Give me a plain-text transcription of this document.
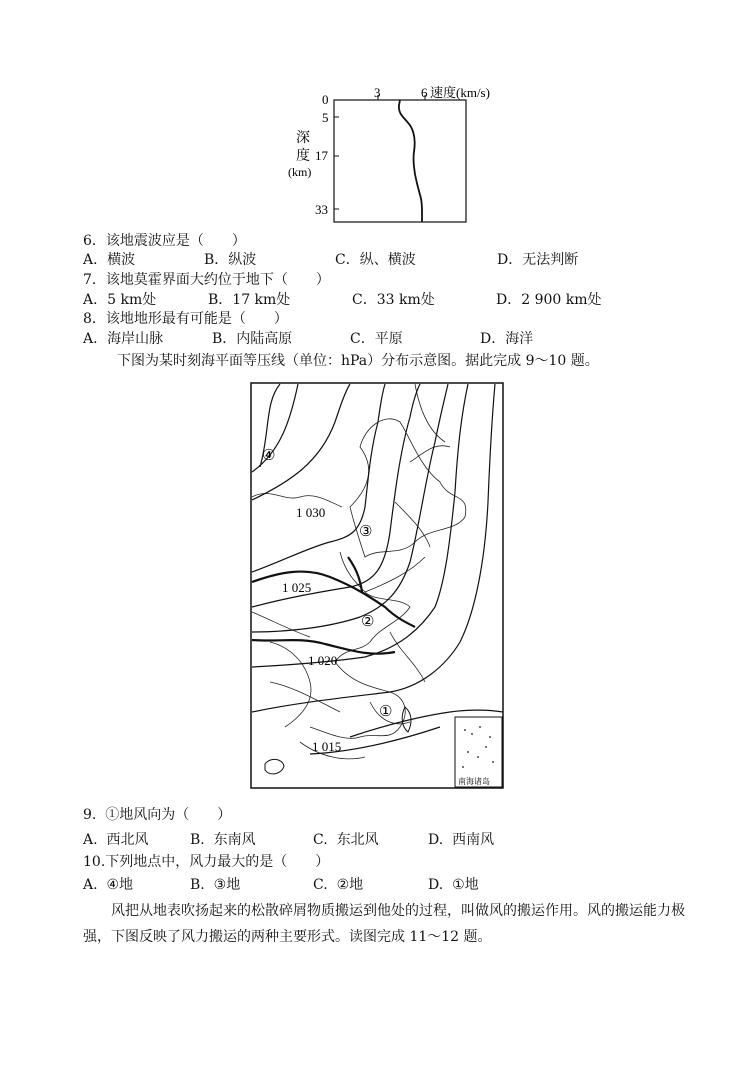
3	6 速度(km/s)
0
5
17
33
深
度
(km)
6．该地震波应是（　　）
A．横波	B．纵波	C．纵、横波	D．无法判断
7．该地莫霍界面大约位于地下（　　）
A．5 km处	B．17 km处	C．33 km处	D．2 900 km处
8．该地地形最有可能是（　　）
A．海岸山脉	B．内陆高原	C．平原	D．海洋
下图为某时刻海平面等压线（单位：hPa）分布示意图。据此完成 9～10 题。
南海诸岛
1 030
1 025
1 020
1 015
④
③
②
①
9.  ①地风向为（　　）
A.  西北风	B.  东南风	C.  东北风	D.  西南风
10.下列地点中，风力最大的是（　　）
A.  ④地	B.  ③地	C.  ②地	D.  ①地
风把从地表吹扬起来的松散碎屑物质搬运到他处的过程，叫做风的搬运作用。风的搬运能力极强，下图反映了风力搬运的两种主要形式。读图完成 11～12 题。
